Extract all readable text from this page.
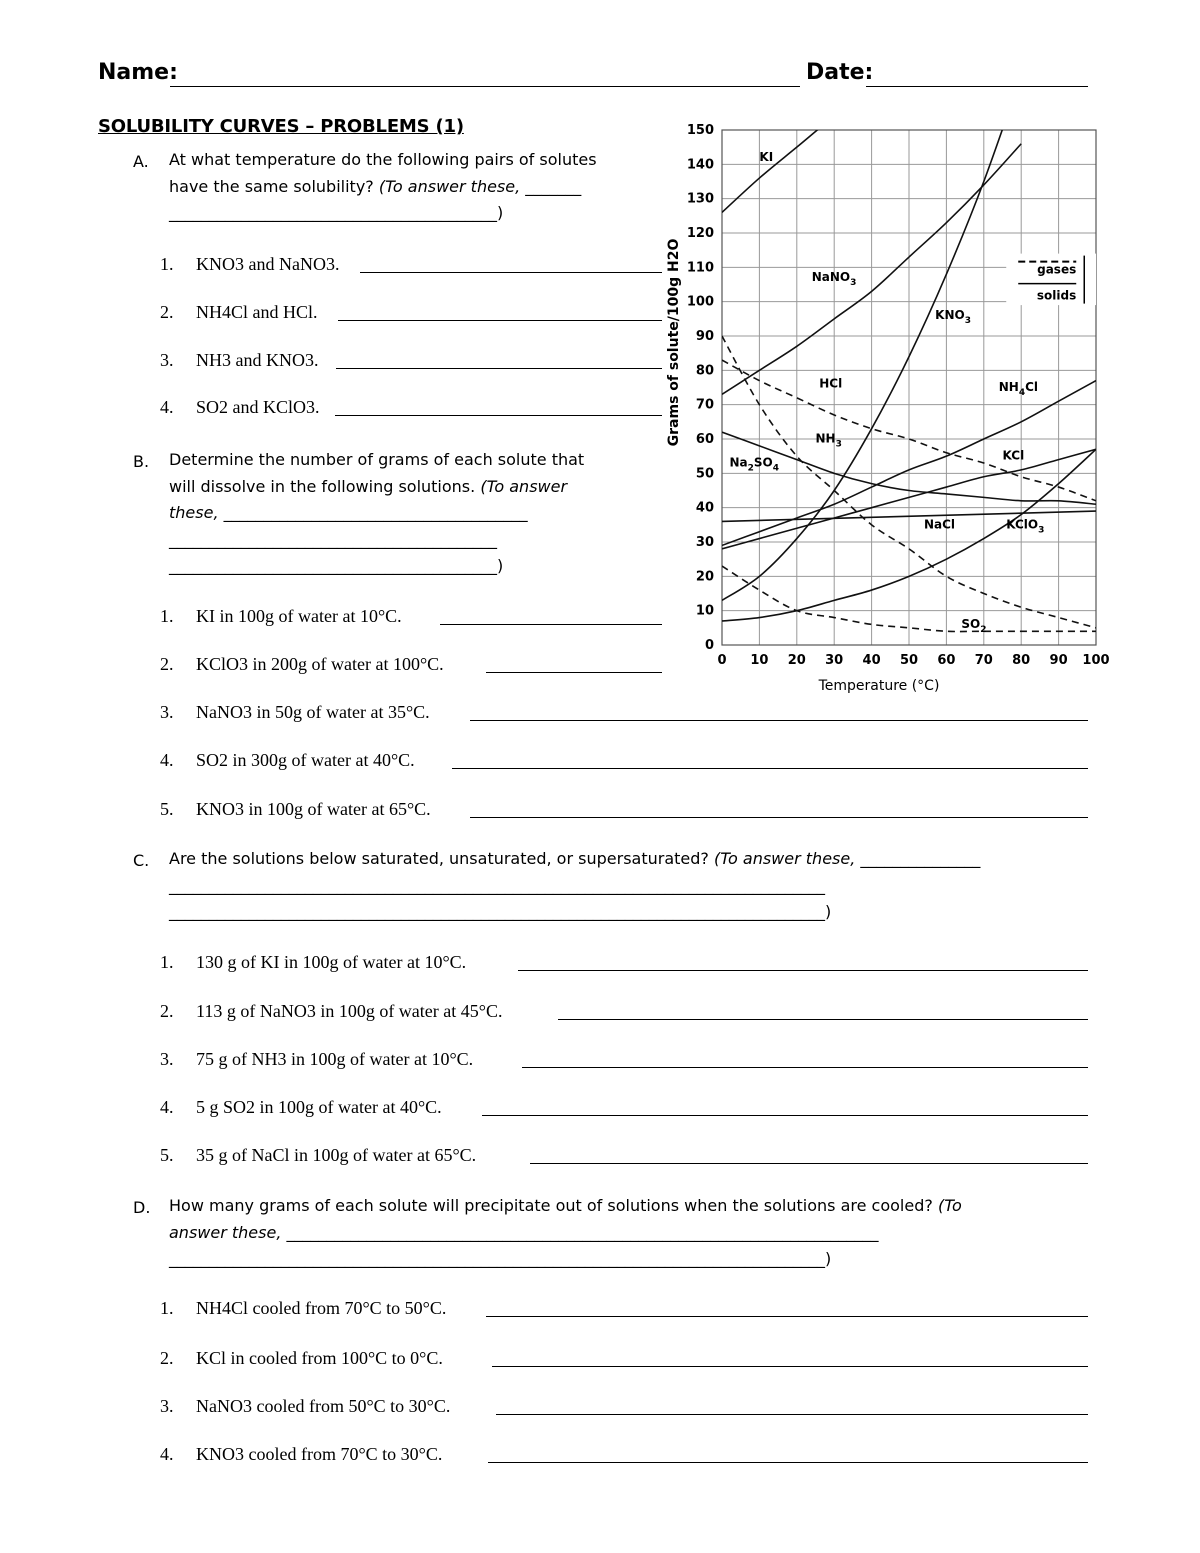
Name:	Date:
SOLUBILITY CURVES – PROBLEMS (1)
A. At what temperature do the following pairs of solutes
have the same solubility? (To answer these, _______
_________________________________________)
1. KNO3 and NaNO3.
2. NH4Cl and HCl.
3. NH3 and KNO3.
4. SO2 and KClO3.
B. Determine the number of grams of each solute that
will dissolve in the following solutions. (To answer
these, ______________________________________
_________________________________________
_________________________________________)
1. KI in 100g of water at 10°C.
2. KClO3 in 200g of water at 100°C.
3. NaNO3 in 50g of water at 35°C.
4. SO2 in 300g of water at 40°C.
5. KNO3 in 100g of water at 65°C.
C. Are the solutions below saturated, unsaturated, or supersaturated? (To answer these, _______________
__________________________________________________________________________________
__________________________________________________________________________________)
1. 130 g of KI in 100g of water at 10°C.
2. 113 g of NaNO3 in 100g of water at 45°C.
3. 75 g of NH3 in 100g of water at 10°C.
4. 5 g SO2 in 100g of water at 40°C.
5. 35 g of NaCl in 100g of water at 65°C.
D. How many grams of each solute will precipitate out of solutions when the solutions are cooled? (To
answer these, __________________________________________________________________________
__________________________________________________________________________________)
1. NH4Cl cooled from 70°C to 50°C.
2. KCl in cooled from 100°C to 0°C.
3. NaNO3 cooled from 50°C to 30°C.
4. KNO3 cooled from 70°C to 30°C.
0 10 20 30 40 50 60 70 80 90 100
0
10
20
30
40
50
60
70
80
90
100
110
120
130
140
150
Temperature (°C)
Grams of solute/100g H2O
KI
NaNO$_3$
$KNO_3$
HCl	$NH_4Cl$
$NH_3$
KCl
$Na_2SO_4$
NaCl	KClO$_3$
$SO_2$
gases
solids
